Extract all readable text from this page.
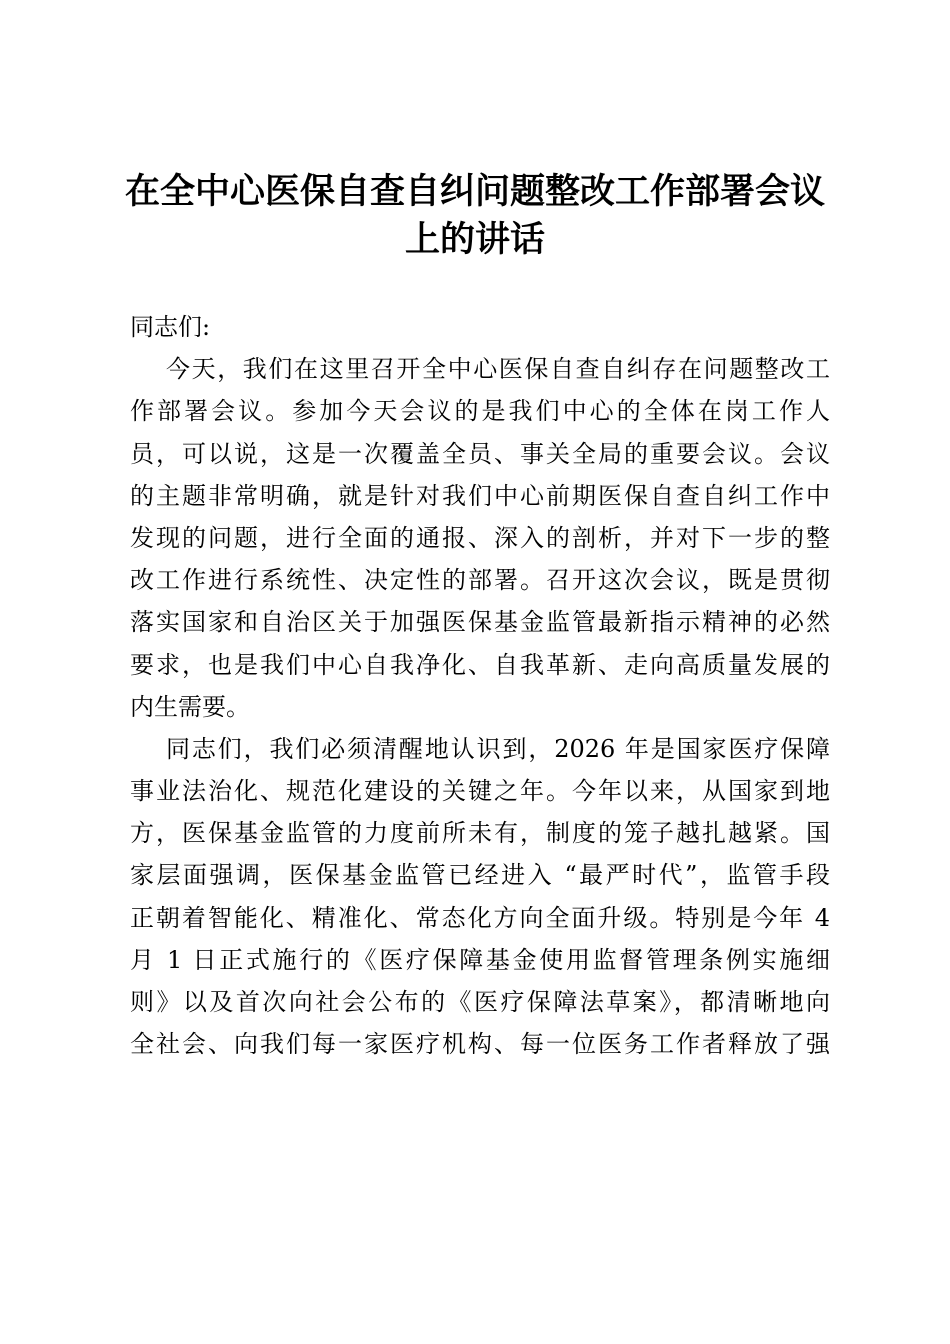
在全中心医保自查自纠问题整改工作部署会议
上的讲话
同志们:
今天，我们在这里召开全中心医保自查自纠存在问题整改工
作部署会议。参加今天会议的是我们中心的全体在岗工作人
员，可以说，这是一次覆盖全员、事关全局的重要会议。会议
的主题非常明确，就是针对我们中心前期医保自查自纠工作中
发现的问题，进行全面的通报、深入的剖析，并对下一步的整
改工作进行系统性、决定性的部署。召开这次会议，既是贯彻
落实国家和自治区关于加强医保基金监管最新指示精神的必然
要求，也是我们中心自我净化、自我革新、走向高质量发展的
内生需要。
同志们，我们必须清醒地认识到，2026 年是国家医疗保障
事业法治化、规范化建设的关键之年。今年以来，从国家到地
方，医保基金监管的力度前所未有，制度的笼子越扎越紧。国
家层面强调，医保基金监管已经进入 “最严时代”，监管手段
正朝着智能化、精准化、常态化方向全面升级。特别是今年 4
月 1 日正式施行的《医疗保障基金使用监督管理条例实施细
则》以及首次向社会公布的《医疗保障法草案》，都清晰地向
全社会、向我们每一家医疗机构、每一位医务工作者释放了强
